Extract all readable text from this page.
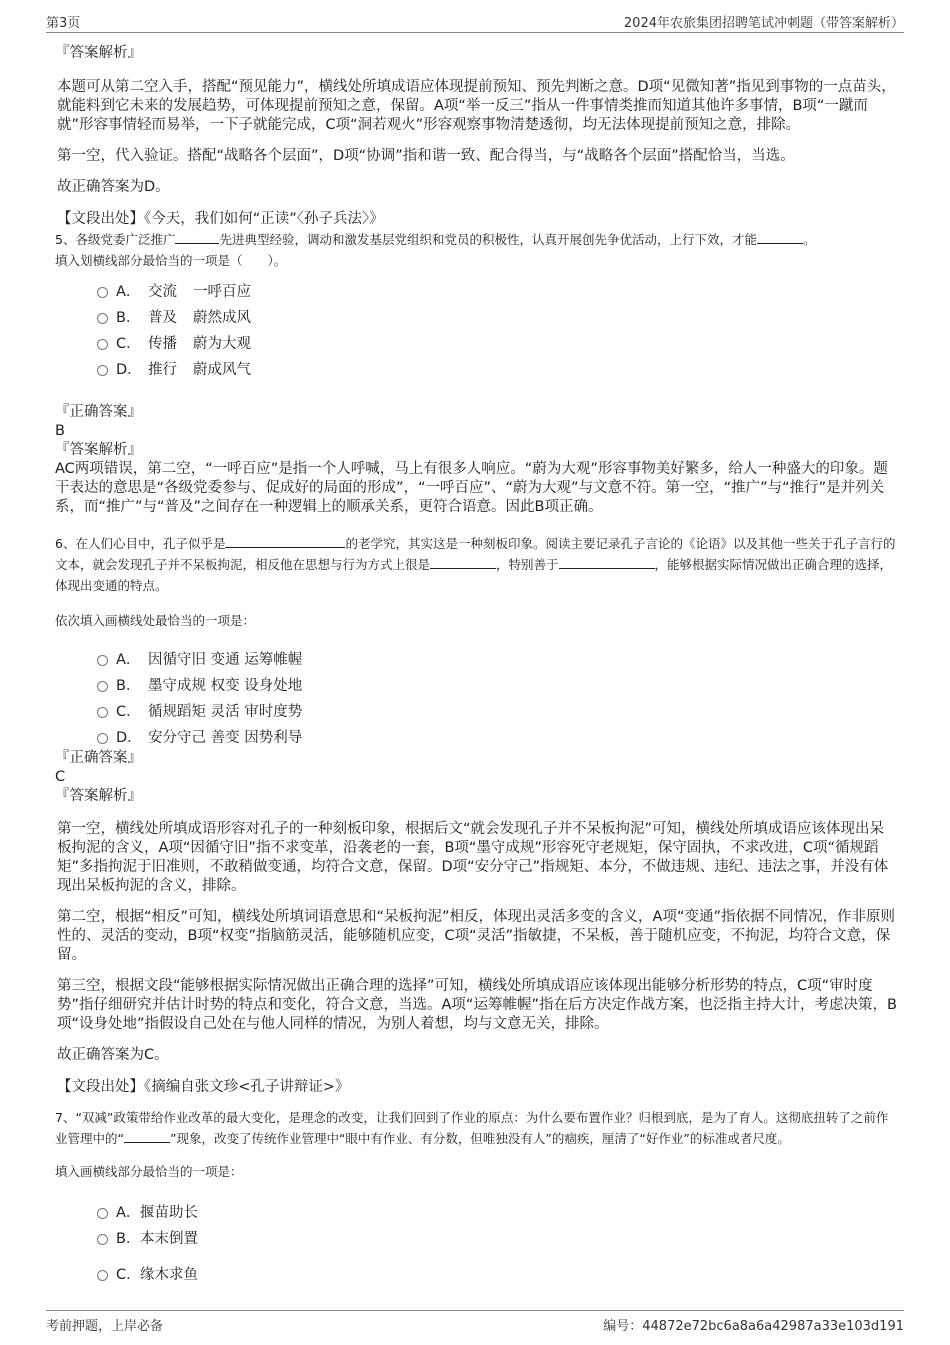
第3页	2024年农旅集团招聘笔试冲刺题（带答案解析）

『答案解析』

本题可从第二空入手，搭配“预见能力”，横线处所填成语应体现提前预知、预先判断之意。D项“见微知著”指见到事物的一点苗头，就能料到它未来的发展趋势，可体现提前预知之意，保留。A项“举一反三”指从一件事情类推而知道其他许多事情，B项“一蹴而就”形容事情轻而易举，一下子就能完成，C项“洞若观火”形容观察事物清楚透彻，均无法体现提前预知之意，排除。

第一空，代入验证。搭配“战略各个层面”，D项“协调”指和谐一致、配合得当，与“战略各个层面”搭配恰当，当选。

故正确答案为D。

【文段出处】《今天，我们如何“正读”〈孙子兵法〉》

5、各级党委广泛推广	先进典型经验，调动和激发基层党组织和党员的积极性，认真开展创先争优活动，上行下效，才能	。
填入划横线部分最恰当的一项是（　　）。

A． 交流 一呼百应
B． 普及 蔚然成风
C． 传播 蔚为大观
D． 推行 蔚成风气

『正确答案』

B

『答案解析』

AC两项错误，第二空，“一呼百应”是指一个人呼喊，马上有很多人响应。“蔚为大观”形容事物美好繁多，给人一种盛大的印象。题干表达的意思是“各级党委参与、促成好的局面的形成”，“一呼百应”、“蔚为大观”与文意不符。第一空，“推广”与“推行”是并列关系，而“推广”与“普及”之间存在一种逻辑上的顺承关系，更符合语意。因此B项正确。

6、在人们心目中，孔子似乎是	的老学究，其实这是一种刻板印象。阅读主要记录孔子言论的《论语》以及其他一些关于孔子言行的文本，就会发现孔子并不呆板拘泥，相反他在思想与行为方式上很是	，特别善于	，能够根据实际情况做出正确合理的选择，体现出变通的特点。

依次填入画横线处最恰当的一项是：

A． 因循守旧 变通 运筹帷幄
B． 墨守成规 权变 设身处地
C． 循规蹈矩 灵活 审时度势
D． 安分守己 善变 因势利导

『正确答案』

C

『答案解析』

第一空，横线处所填成语形容对孔子的一种刻板印象，根据后文“就会发现孔子并不呆板拘泥”可知，横线处所填成语应该体现出呆板拘泥的含义，A项“因循守旧”指不求变革，沿袭老的一套，B项“墨守成规”形容死守老规矩，保守固执，不求改进，C项“循规蹈矩”多指拘泥于旧准则，不敢稍做变通，均符合文意，保留。D项“安分守己”指规矩、本分，不做违规、违纪、违法之事，并没有体现出呆板拘泥的含义，排除。

第二空，根据“相反”可知，横线处所填词语意思和“呆板拘泥”相反，体现出灵活多变的含义，A项“变通”指依据不同情况，作非原则性的、灵活的变动，B项“权变”指脑筋灵活，能够随机应变，C项“灵活”指敏捷，不呆板，善于随机应变，不拘泥，均符合文意，保留。

第三空，根据文段“能够根据实际情况做出正确合理的选择”可知，横线处所填成语应该体现出能够分析形势的特点，C项“审时度势”指仔细研究并估计时势的特点和变化，符合文意，当选。A项“运筹帷幄”指在后方决定作战方案，也泛指主持大计，考虑决策，B项“设身处地”指假设自己处在与他人同样的情况，为别人着想，均与文意无关，排除。

故正确答案为C。

【文段出处】《摘编自张文珍<孔子讲辩证>》

7、“双减”政策带给作业改革的最大变化，是理念的改变，让我们回到了作业的原点：为什么要布置作业？归根到底，是为了育人。这彻底扭转了之前作业管理中的“	”现象，改变了传统作业管理中“眼中有作业、有分数，但唯独没有人”的痼疾，厘清了“好作业”的标准或者尺度。

填入画横线部分最恰当的一项是：

A． 揠苗助长
B． 本末倒置
C． 缘木求鱼
考前押题，上岸必备	编号：44872e72bc6a8a6a42987a33e103d191
